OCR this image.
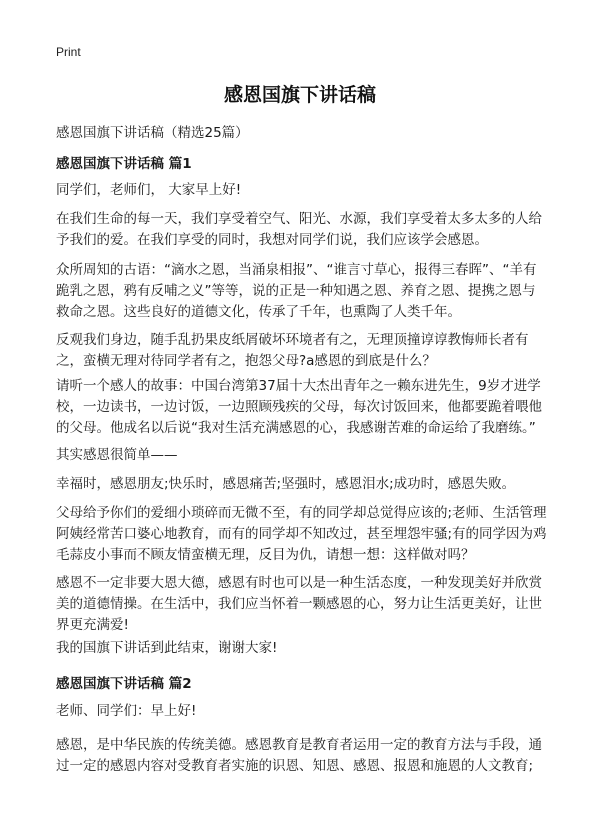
Print
感恩国旗下讲话稿
感恩国旗下讲话稿（精选25篇）
感恩国旗下讲话稿 篇1

同学们，老师们， 大家早上好!

在我们生命的每一天，我们享受着空气、阳光、水源，我们享受着太多太多的人给予我们的爱。在我们享受的同时，我想对同学们说，我们应该学会感恩。

众所周知的古语：“滴水之恩，当涌泉相报”、“谁言寸草心，报得三春晖”、“羊有跪乳之恩，鸦有反哺之义”等等，说的正是一种知遇之恩、养育之恩、提携之恩与救命之恩。这些良好的道德文化，传承了千年，也熏陶了人类千年。

反观我们身边，随手乱扔果皮纸屑破坏环境者有之，无理顶撞谆谆教悔师长者有之，蛮横无理对待同学者有之，抱怨父母?a感恩的到底是什么？

请听一个感人的故事：中国台湾第37届十大杰出青年之一赖东进先生，9岁才进学校，一边读书，一边讨饭，一边照顾残疾的父母，每次讨饭回来，他都要跪着喂他的父母。他成名以后说“我对生活充满感恩的心，我感谢苦难的命运给了我磨练。”

其实感恩很简单——

幸福时，感恩朋友;快乐时，感恩痛苦;坚强时，感恩泪水;成功时，感恩失败。

父母给予你们的爱细小琐碎而无微不至，有的同学却总觉得应该的;老师、生活管理阿姨经常苦口婆心地教育，而有的同学却不知改过，甚至埋怨牢骚;有的同学因为鸡毛蒜皮小事而不顾友情蛮横无理，反目为仇，请想一想：这样做对吗？

感恩不一定非要大恩大德，感恩有时也可以是一种生活态度，一种发现美好并欣赏美的道德情操。在生活中，我们应当怀着一颗感恩的心，努力让生活更美好，让世界更充满爱!

我的国旗下讲话到此结束，谢谢大家!

感恩国旗下讲话稿 篇2

老师、同学们：早上好!

感恩，是中华民族的传统美德。感恩教育是教育者运用一定的教育方法与手段，通过一定的感恩内容对受教育者实施的识恩、知恩、感恩、报恩和施恩的人文教育;
